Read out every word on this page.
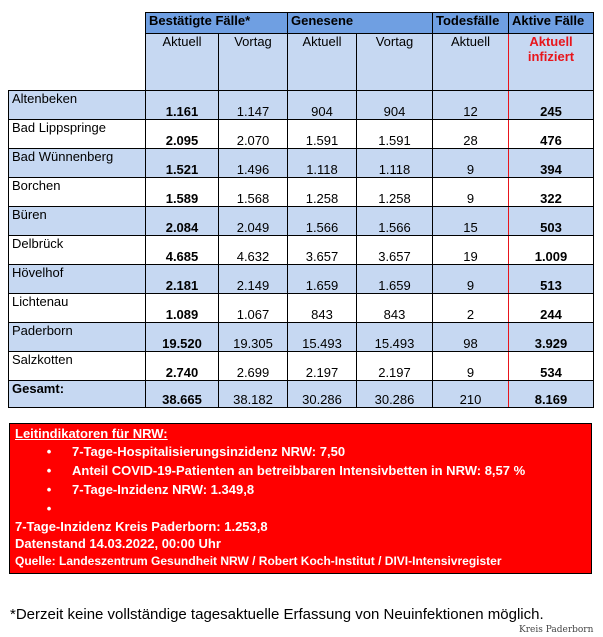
	Bestätigte Fälle*		Genesene		Todesfälle	Aktive Fälle
	Aktuell	Vortag	Aktuell	Vortag	Aktuell	Aktuell
infiziert

Altenbeken	1.161	1.147	904	904	12	245
Bad Lippspringe	2.095	2.070	1.591	1.591	28	476
Bad Wünnenberg	1.521	1.496	1.118	1.118	9	394
Borchen	1.589	1.568	1.258	1.258	9	322
Büren	2.084	2.049	1.566	1.566	15	503
Delbrück	4.685	4.632	3.657	3.657	19	1.009
Hövelhof	2.181	2.149	1.659	1.659	9	513
Lichtenau	1.089	1.067	843	843	2	244
Paderborn	19.520	19.305	15.493	15.493	98	3.929
Salzkotten	2.740	2.699	2.197	2.197	9	534
Gesamt:	38.665	38.182	30.286	30.286	210	8.169
Leitindikatoren für NRW:
• 7-Tage-Hospitalisierungsinzidenz NRW: 7,50
• Anteil COVID-19-Patienten an betreibbaren Intensivbetten in NRW: 8,57 %
• 7-Tage-Inzidenz NRW: 1.349,8
•
7-Tage-Inzidenz Kreis Paderborn: 1.253,8
Datenstand 14.03.2022, 00:00 Uhr
Quelle: Landeszentrum Gesundheit NRW / Robert Koch-Institut / DIVI-Intensivregister
*Derzeit keine vollständige tagesaktuelle Erfassung von Neuinfektionen möglich.
Kreis Paderborn
